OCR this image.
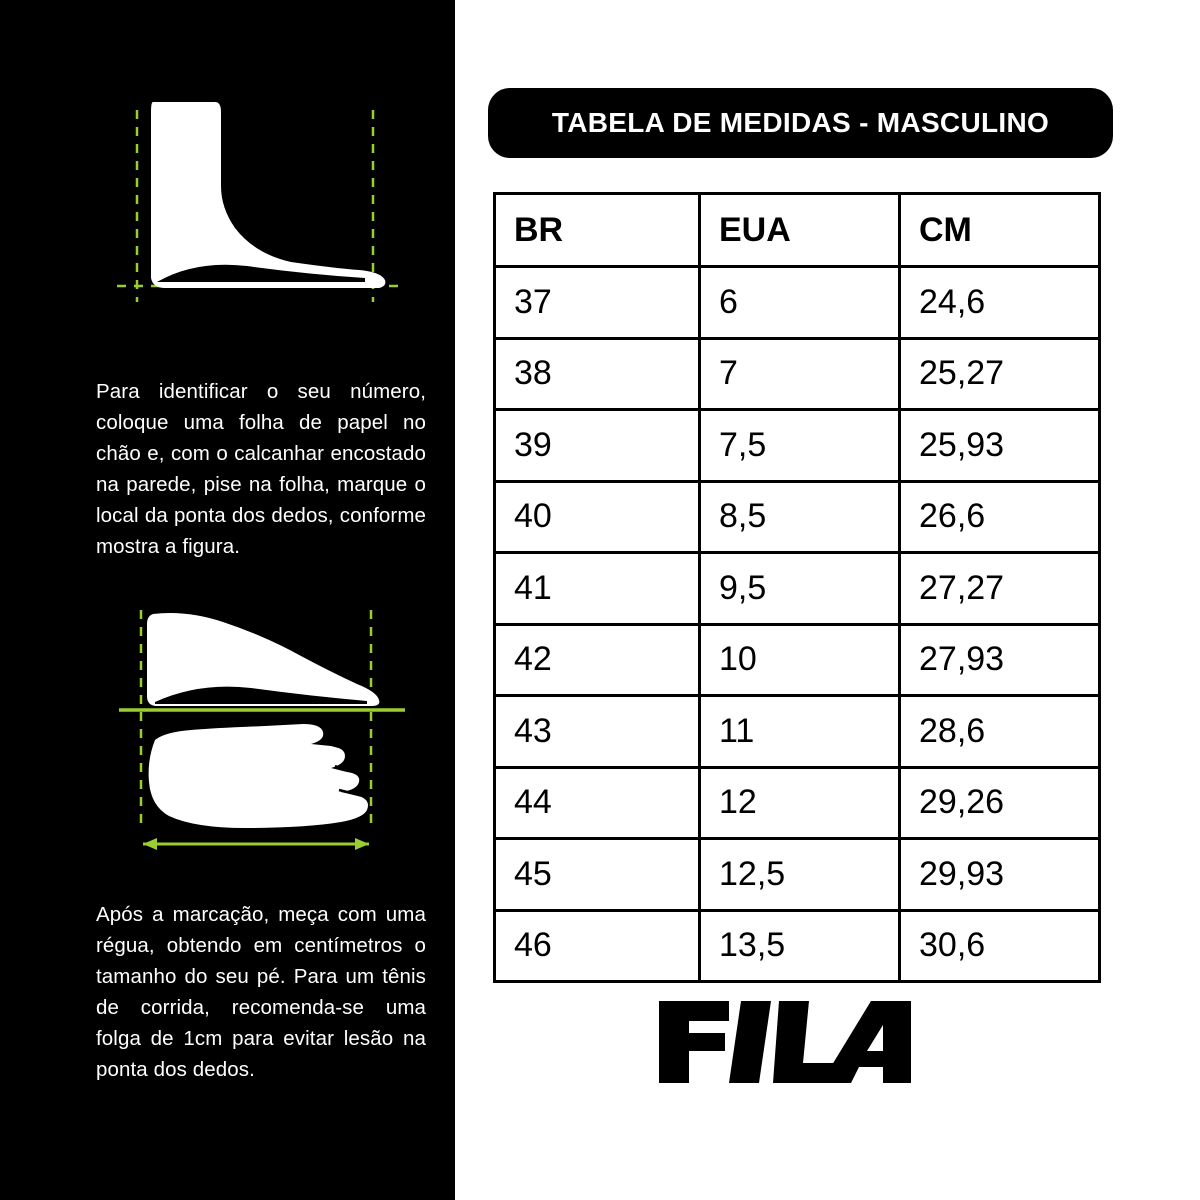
Para identificar o seu número, coloque uma folha de papel no chão e, com o calcanhar encostado na parede, pise na folha, marque o local da ponta dos dedos, conforme mostra a figura.

Após a marcação, meça com uma régua, obtendo em centímetros o tamanho do seu pé. Para um tênis de corrida, recomenda-se uma folga de 1cm para evitar lesão na ponta dos dedos.

TABELA DE MEDIDAS - MASCULINO
BR	EUA	CM
37	6	24,6
38	7	25,27
39	7,5	25,93
40	8,5	26,6
41	9,5	27,27
42	10	27,93
43	11	28,6
44	12	29,26
45	12,5	29,93
46	13,5	30,6
